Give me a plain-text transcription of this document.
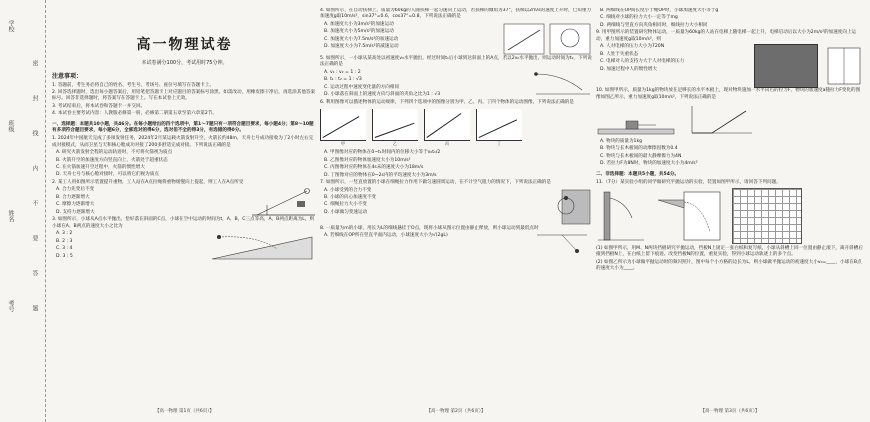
学校
班级
姓名
考号
密
封
线
内
不
要
答
题
高一物理试卷
本试卷满分100分，考试用时75分钟。
注意事项：

1. 答题前，考生务必将自己的姓名、考生号、考场号、座位号填写在答题卡上。

2. 回答选择题时，选出每小题答案后，用铅笔把答题卡上对应题目的答案标号涂黑。如需改动，用橡皮擦干净后，再选涂其他答案标号。回答非选择题时，将答案写在答题卡上。写在本试卷上无效。

3. 考试结束后，将本试卷和答题卡一并交回。

4. 本试卷主要考试内容：人教版必修第一册，必修第二册第五章至第六章第2节。

一、选择题：本题共10小题，共46分。在每小题给出的四个选项中，第1～7题只有一项符合题目要求，每小题4分；第8～10题有多项符合题目要求，每小题6分，全部选对的得6分，选对但不全的得3分，有选错的得0分。

1. 2024年中国航天完成了多项发射任务，2024年2月某运载火箭发射升空，火箭长约48m，天舟七号成功接收为了2小时左右完成对接模式，从而卫星与天和核心舱成功对接了200多舒适完成对接。下列说法正确的是

A. 研究火箭发射全程的运动轨迹时，不可将火箭视为质点

B. 火箭升空的加速度方向竖直向上，火箭处于超重状态

C. 在火箭加速升空过程中，火箭的惯性增大

D. 天舟七号与核心舱对接时，可以将它们视为质点

2. 某工人用如图所示装置提升重物，工人站在A点拉绳将重物缓慢向上提起，则工人在A点所受

A. 合力先变后不变

B. 合力逐渐增大

C. 摩擦力逐渐增大

D. 支持力逐渐增大

3. 如图所示，小球从A点水平抛出，恰好落在斜面的C点，小球在空中运动的时间为t，A、B、C三点等高，A、B两点距离为L，则小球在A、B两点的速度大小之比为

A. 3 : 2

B. 2 : 3

C. 3 : 4

D. 3 : 5

【高一物理 第1页（共6页）】

4. 如图所示，在自动扶梯上，质量为60kg的人随扶梯一起匀速向上运动，若扶梯的倾角为37°，扶梯以2m/s的速度上升时，已知重力加速度g取10m/s²，sin37°=0.6，cos37°=0.8，下列说法正确的是

A. 加速度大小为3m/s²的加速运动

B. 加速度大小为5m/s²的加速运动

C. 加速度大小为7.5m/s²的加速运动

D. 加速度大小为7.5m/s²的减速运动

5. 如图所示，一小球从某高处以初速度v₀水平抛出，经过时间t₁后小球到达斜面上的A点，若以2v₀水平抛出，则运动时间为t₂，下列说法正确的是

A. v₁ : v₂ = 1 : 2

B. t₁ : t₂ = 1 : √3

C. 运动过程中速度变化量的方向相同

D. 小球落在斜面上的速度方向与斜面的夹角之比为1 : √3

6. 利用图像可以描述物体的运动规律，下列四个选项中的图像分别为甲、乙、丙、丁四个物体的运动图像，下列说法正确的是

甲	乙	丙	丁

A. 甲图像对应的物体在0~t₁时间内的位移大小等于v₀t₁/2

B. 乙图像对应的物体加速度大小为10m/s²

C. 丙图像对应的物体在4s末的速度大小为18m/s

D. 丁图像对应的物体在0~2s内的平均速度大小为3m/s

7. 如图所示，一竖直放置的小球在细绳拉力作用下做匀速圆周运动，在不计空气阻力的情况下，下列说法正确的是

A. 小球受到的合力不变

B. 小球的向心加速度不变

C. 细绳拉力大小不变

D. 小球做匀变速运动

8. 一质量为m的小球，用长为L的细线悬挂于O点，现将小球从图示位置由静止释放，则小球运动到最低点时

A. 若细线在OP所在竖直平面内运动，小球速度大小为√(2gL)

【高一物理 第2页（共6页）】

B. 两细线在OP间长度小于绳OP时，小球加速度大小等于g

C. 细线对小球的拉力大小一定等于mg

D. 两细线与竖直方向夹角相同时，细线拉力大小相同

9. 用甲图所示的装置研究物体运动，一质量为60kg的人站在电梯上随电梯一起上升，电梯启动后以大小为2m/s²的加速度向上运动，重力加速度g取10m/s²，则

A. 人对电梯的压力大小为720N

B. 人处于失重状态

C. 电梯对人的支持力大于人对电梯的压力

D. 加速过程中人的惯性增大

10. 如图甲所示，质量为1kg的物块放在足够长的水平木板上，现对物块施加一水平向右的拉力F，物块的加速度a随拉力F变化的图像如图乙所示，重力加速度g取10m/s²，下列说法正确的是

A. 物块的质量为1kg

B. 物块与长木板间的动摩擦因数为0.4

C. 物块与长木板间的最大静摩擦力为4N

D. 若拉力F为8N时，物块的加速度大小为4m/s²

二、非选择题：本题共5小题，共54分。

11.（7分）某实验小组的同学做研究平抛运动的实验，装置如图甲所示，请回答下列问题。

(1) 如图甲所示，用M、N两块挡板研究平抛运动，挡板N上固定一张白纸和复写纸，小球从斜槽上同一位置由静止滚下，离开斜槽后撞到挡板N上，在白纸上留下痕迹。改变挡板N的位置，重复实验，得到小球运动轨迹上的多个点。

(2) 如图乙所示为小球做平抛运动时的频闪照片，图中每个小方格的边长为L，则小球做平抛运动的初速度大小v₀=____，小球在B点的速度大小为____。

【高一物理 第3页（共6页）】
